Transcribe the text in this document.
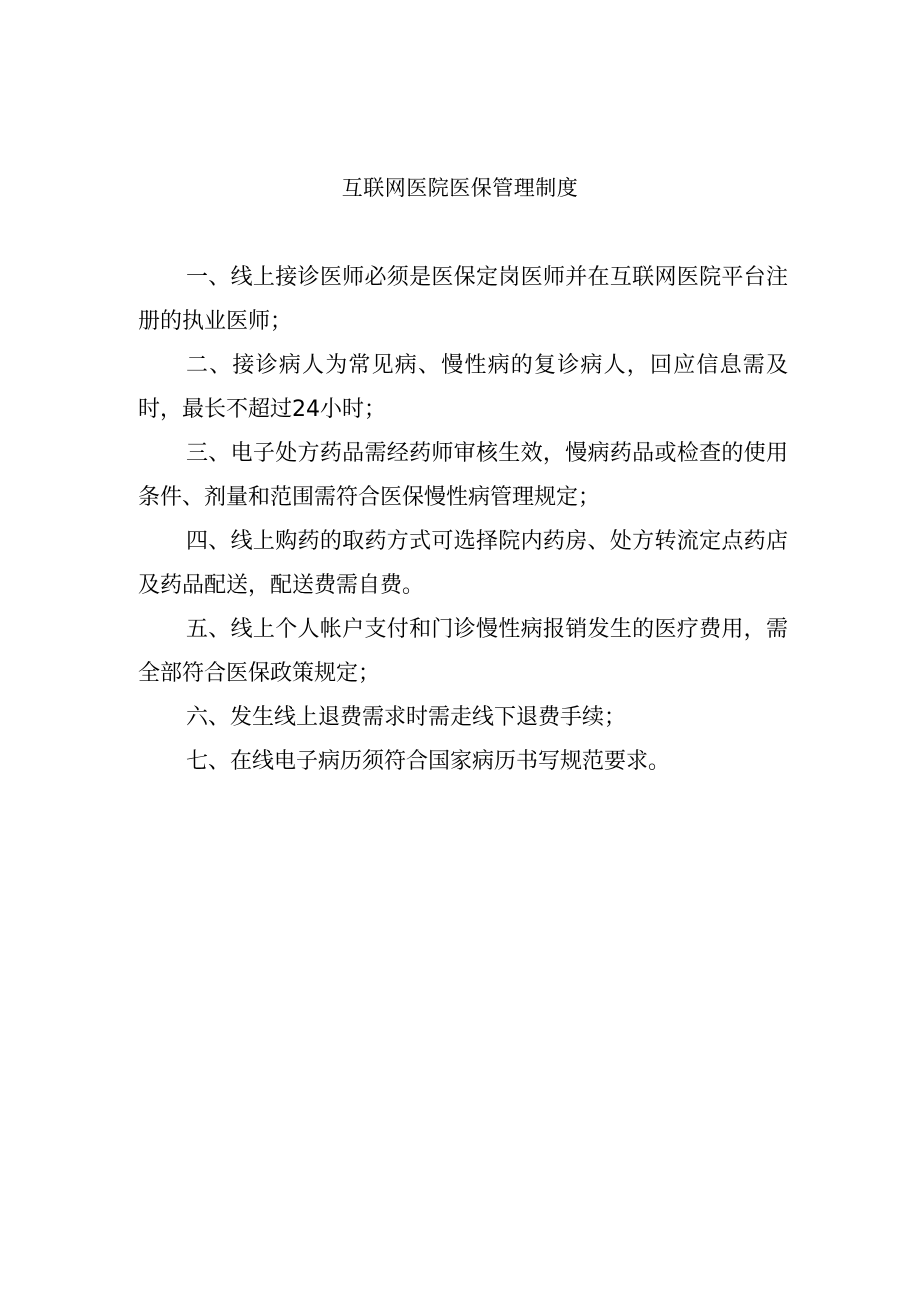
互联网医院医保管理制度

一、线上接诊医师必须是医保定岗医师并在互联网医院平台注册的执业医师；

二、接诊病人为常见病、慢性病的复诊病人，回应信息需及时，最长不超过24小时；

三、电子处方药品需经药师审核生效，慢病药品或检查的使用条件、剂量和范围需符合医保慢性病管理规定；

四、线上购药的取药方式可选择院内药房、处方转流定点药店及药品配送，配送费需自费。

五、线上个人帐户支付和门诊慢性病报销发生的医疗费用，需全部符合医保政策规定；

六、发生线上退费需求时需走线下退费手续；

七、在线电子病历须符合国家病历书写规范要求。
